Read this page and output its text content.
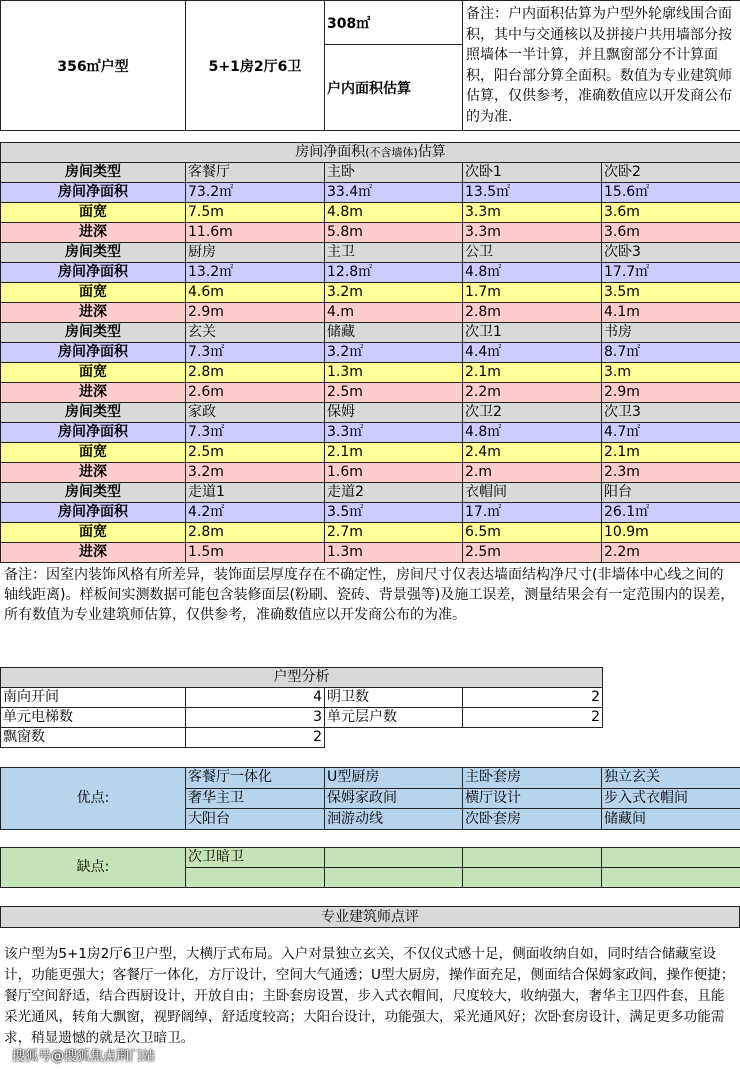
356㎡户型	5+1房2厅6卫	308㎡	备注：户内面积估算为户型外轮廓线围合面积，其中与交通核以及拼接户共用墙部分按照墙体一半计算，并且飘窗部分不计算面积，阳台部分算全面积。数值为专业建筑师估算，仅供参考，准确数值应以开发商公布的为准.
户内面积估算
房间净面积(不含墙体)估算				
房间类型	客餐厅	主卧	次卧1	次卧2
房间净面积	73.2㎡	33.4㎡	13.5㎡	15.6㎡
面宽	7.5m	4.8m	3.3m	3.6m
进深	11.6m	5.8m	3.3m	3.6m
房间类型	厨房	主卫	公卫	次卧3
房间净面积	13.2㎡	12.8㎡	4.8㎡	17.7㎡
面宽	4.6m	3.2m	1.7m	3.5m
进深	2.9m	4.m	2.8m	4.1m
房间类型	玄关	储藏	次卫1	书房
房间净面积	7.3㎡	3.2㎡	4.4㎡	8.7㎡
面宽	2.8m	1.3m	2.1m	3.m
进深	2.6m	2.5m	2.2m	2.9m
房间类型	家政	保姆	次卫2	次卫3
房间净面积	7.3㎡	3.3㎡	4.8㎡	4.7㎡
面宽	2.5m	2.1m	2.4m	2.1m
进深	3.2m	1.6m	2.m	2.3m
房间类型	走道1	走道2	衣帽间	阳台
房间净面积	4.2㎡	3.5㎡	17.㎡	26.1㎡
面宽	2.8m	2.7m	6.5m	10.9m
进深	1.5m	1.3m	2.5m	2.2m
备注：因室内装饰风格有所差异，装饰面层厚度存在不确定性，房间尺寸仅表达墙面结构净尺寸(非墙体中心线之间的轴线距离)。样板间实测数据可能包含装修面层(粉刷、瓷砖、背景强等)及施工误差，测量结果会有一定范围内的误差，所有数值为专业建筑师估算，仅供参考，准确数值应以开发商公布的为准。
户型分析			
南向开间	4	明卫数	2
单元电梯数	3	单元层户数	2
飘窗数	2		
优点:	客餐厅一体化	U型厨房	主卧套房	独立玄关
	奢华主卫	保姆家政间	横厅设计	步入式衣帽间
	大阳台	洄游动线	次卧套房	储藏间
缺点:	次卫暗卫			

专业建筑师点评
该户型为5+1房2厅6卫户型，大横厅式布局。入户对景独立玄关，不仅仪式感十足，侧面收纳自如，同时结合储藏室设计，功能更强大；客餐厅一体化，方厅设计，空间大气通透；U型大厨房，操作面充足，侧面结合保姆家政间，操作便捷；餐厅空间舒适，结合西厨设计，开放自由；主卧套房设置，步入式衣帽间，尺度较大，收纳强大，奢华主卫四件套，且能采光通风，转角大飘窗，视野阔绰，舒适度较高；大阳台设计，功能强大，采光通风好；次卧套房设计，满足更多功能需求，稍显遗憾的就是次卫暗卫。
搜狐号@搜狐焦点荆门站
